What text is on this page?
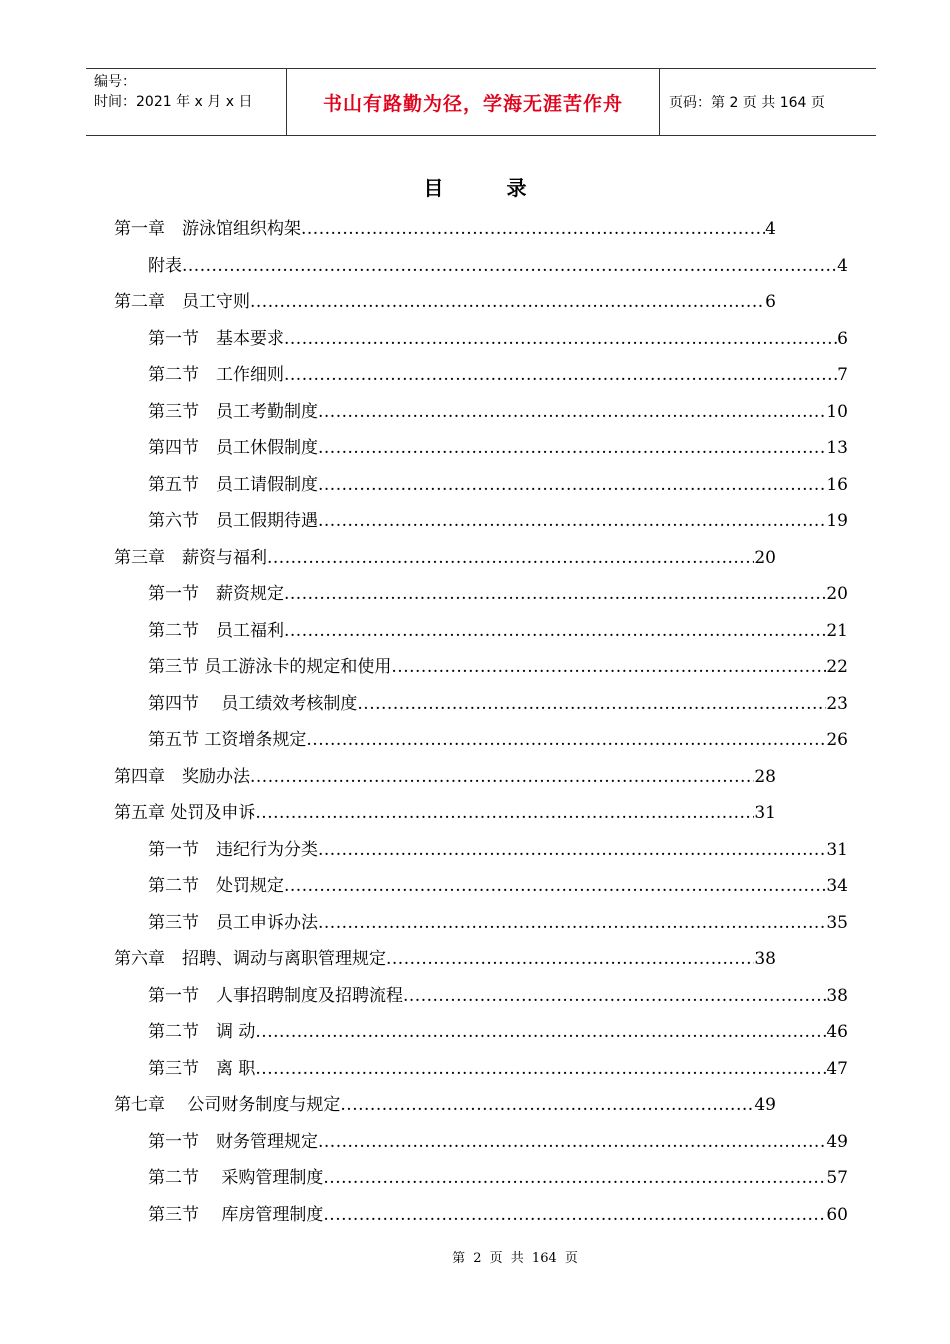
编号：
时间：2021 年 x 月 x 日	书山有路勤为径，学海无涯苦作舟	页码：第 2 页 共 164 页
目 录
第一章　游泳馆组织构架 .....	4
附表 .....	4
第二章　员工守则 .....	6
第一节　基本要求 .....	6
第二节　工作细则 .....	7
第三节　员工考勤制度 .....	10
第四节　员工休假制度 .....	13
第五节　员工请假制度 .....	16
第六节　员工假期待遇 .....	19
第三章　薪资与福利 .....	20
第一节　薪资规定 .....	20
第二节　员工福利 .....	21
第三节 员工游泳卡的规定和使用 .....	22
第四节　 员工绩效考核制度 .....	23
第五节 工资增条规定 .....	26
第四章　奖励办法 .....	28
第五章 处罚及申诉 .....	31
第一节　违纪行为分类 .....	31
第二节　处罚规定 .....	34
第三节　员工申诉办法 .....	35
第六章　招聘、调动与离职管理规定 .....	38
第一节　人事招聘制度及招聘流程 .....	38
第二节　调 动 .....	46
第三节　离 职 .....	47
第七章　 公司财务制度与规定 .....	49
第一节　财务管理规定 .....	49
第二节　 采购管理制度 .....	57
第三节　 库房管理制度 .....	60
第 2 页 共 164 页
